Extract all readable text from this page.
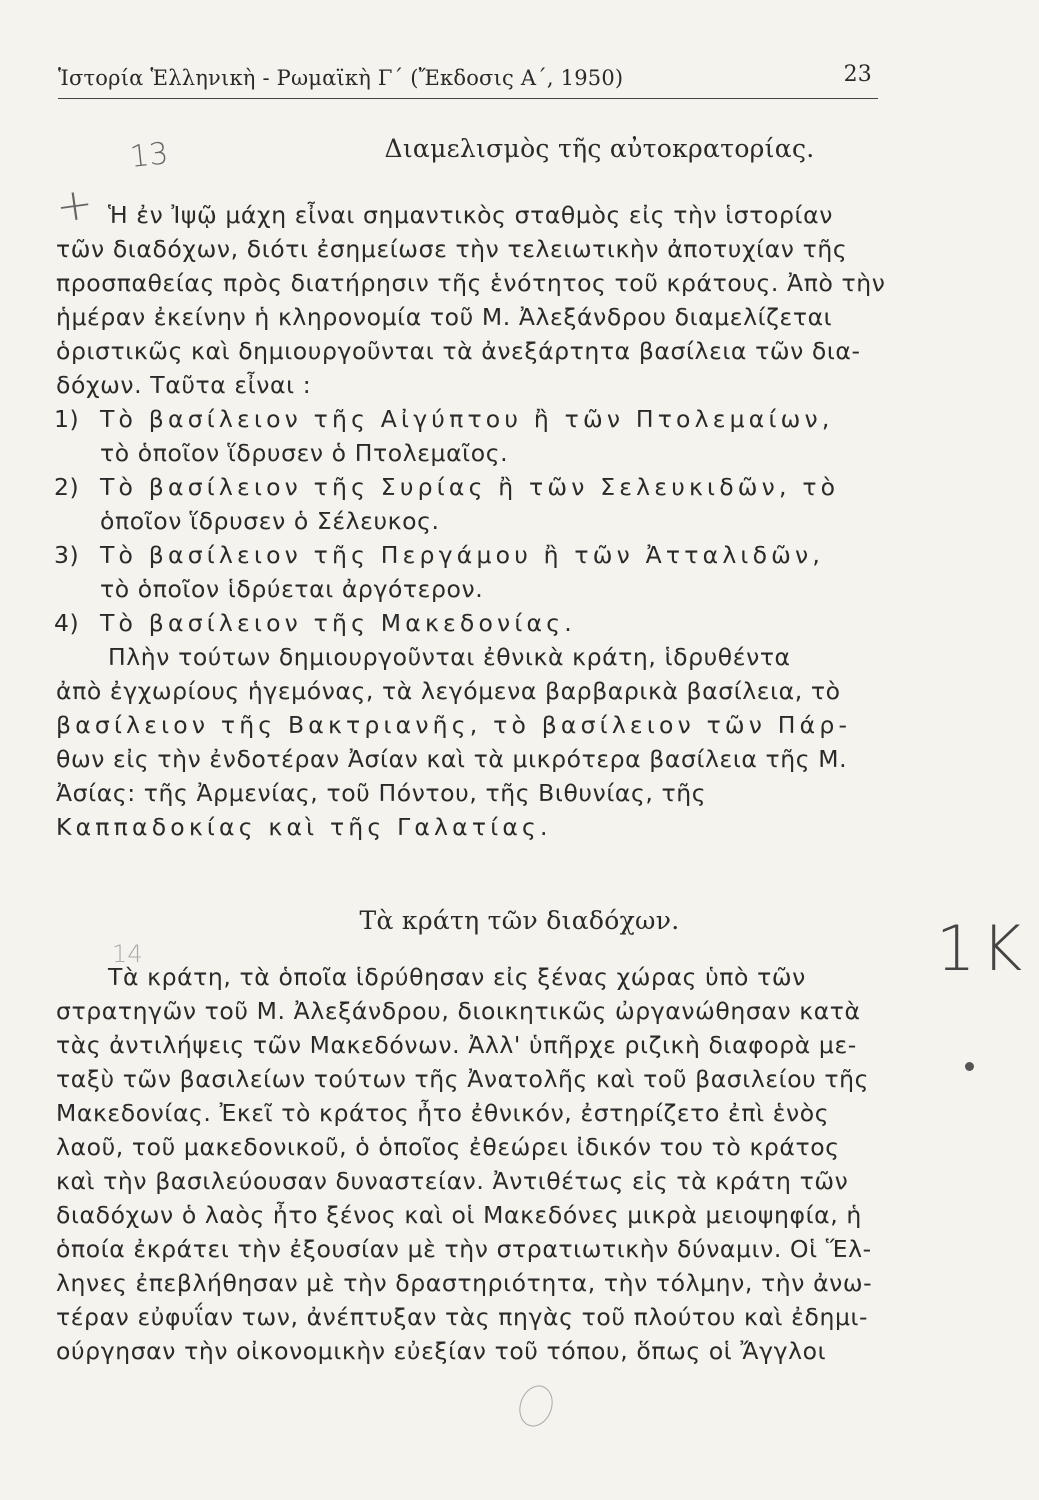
Ἱστορία Ἑλληνικὴ - Ρωμαϊκὴ Γ΄ (Ἔκδοσις Α΄, 1950)	23
13
+
Διαμελισμὸς τῆς αὐτοκρατορίας.
Ἡ ἐν Ἰψῷ μάχη εἶναι σημαντικὸς σταθμὸς εἰς τὴν ἱστορίαν
τῶν διαδόχων, διότι ἐσημείωσε τὴν τελειωτικὴν ἀποτυχίαν τῆς
προσπαθείας πρὸς διατήρησιν τῆς ἑνότητος τοῦ κράτους. Ἀπὸ τὴν
ἡμέραν ἐκείνην ἡ κληρονομία τοῦ Μ. Ἀλεξάνδρου διαμελίζεται
ὁριστικῶς καὶ δημιουργοῦνται τὰ ἀνεξάρτητα βασίλεια τῶν δια-
δόχων. Ταῦτα εἶναι :
1) Τὸ βασίλειον τῆς Αἰγύπτου ἢ τῶν Πτολεμαίων,
τὸ ὁποῖον ἵδρυσεν ὁ Πτολεμαῖος.
2) Τὸ βασίλειον τῆς Συρίας ἢ τῶν Σελευκιδῶν, τὸ
ὁποῖον ἵδρυσεν ὁ Σέλευκος.
3) Τὸ βασίλειον τῆς Περγάμου ἢ τῶν Ἀτταλιδῶν,
τὸ ὁποῖον ἱδρύεται ἀργότερον.
4) Τὸ βασίλειον τῆς Μακεδονίας.
Πλὴν τούτων δημιουργοῦνται ἐθνικὰ κράτη, ἱδρυθέντα
ἀπὸ ἐγχωρίους ἡγεμόνας, τὰ λεγόμενα βαρβαρικὰ βασίλεια, τὸ
βασίλειον τῆς Βακτριανῆς, τὸ βασίλειον τῶν Πάρ-
θων εἰς τὴν ἐνδοτέραν Ἀσίαν καὶ τὰ μικρότερα βασίλεια τῆς Μ.
Ἀσίας: τῆς Ἀρμενίας, τοῦ Πόντου, τῆς Βιθυνίας, τῆς
Καππαδοκίας καὶ τῆς Γαλατίας.
Τὰ κράτη τῶν διαδόχων.
14	1K
Τὰ κράτη, τὰ ὁποῖα ἱδρύθησαν εἰς ξένας χώρας ὑπὸ τῶν
στρατηγῶν τοῦ Μ. Ἀλεξάνδρου, διοικητικῶς ὠργανώθησαν κατὰ
τὰς ἀντιλήψεις τῶν Μακεδόνων. Ἀλλ' ὑπῆρχε ριζικὴ διαφορὰ με-
ταξὺ τῶν βασιλείων τούτων τῆς Ἀνατολῆς καὶ τοῦ βασιλείου τῆς
Μακεδονίας. Ἐκεῖ τὸ κράτος ἦτο ἐθνικόν, ἐστηρίζετο ἐπὶ ἑνὸς
λαοῦ, τοῦ μακεδονικοῦ, ὁ ὁποῖος ἐθεώρει ἰδικόν του τὸ κράτος
καὶ τὴν βασιλεύουσαν δυναστείαν. Ἀντιθέτως εἰς τὰ κράτη τῶν
διαδόχων ὁ λαὸς ἦτο ξένος καὶ οἱ Μακεδόνες μικρὰ μειοψηφία, ἡ
ὁποία ἐκράτει τὴν ἐξουσίαν μὲ τὴν στρατιωτικὴν δύναμιν. Οἱ Ἕλ-
ληνες ἐπεβλήθησαν μὲ τὴν δραστηριότητα, τὴν τόλμην, τὴν ἀνω-
τέραν εὐφυΐαν των, ἀνέπτυξαν τὰς πηγὰς τοῦ πλούτου καὶ ἐδημι-
ούργησαν τὴν οἰκονομικὴν εὐεξίαν τοῦ τόπου, ὅπως οἱ Ἄγγλοι
